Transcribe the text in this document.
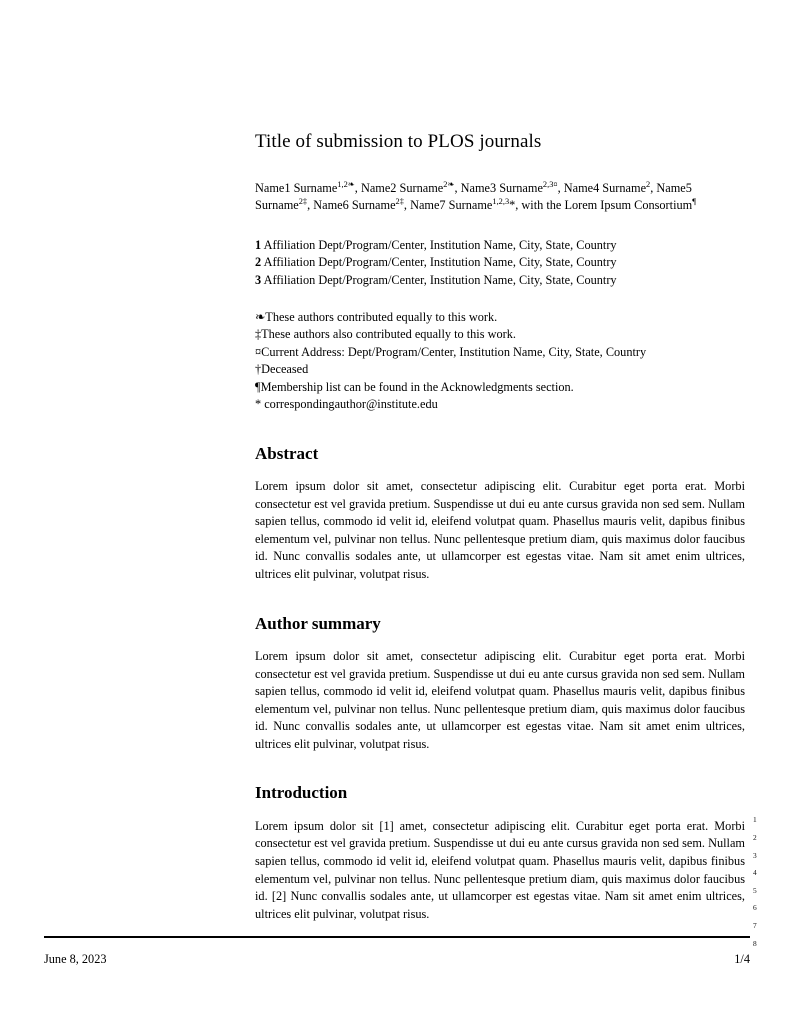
Title of submission to PLOS journals
Name1 Surname$^{1,2❧}$, Name2 Surname$^{2❧}$, Name3 Surname$^{2,3¤}$, Name4 Surname$^2$, Name5 Surname$^{2\ddagger}$, Name6 Surname$^{2\ddagger}$, Name7 Surname$^{1,2,3}$*, with the Lorem Ipsum Consortium¶
1 Affiliation Dept/Program/Center, Institution Name, City, State, Country
2 Affiliation Dept/Program/Center, Institution Name, City, State, Country
3 Affiliation Dept/Program/Center, Institution Name, City, State, Country
❧These authors contributed equally to this work.
‡These authors also contributed equally to this work.
¤Current Address: Dept/Program/Center, Institution Name, City, State, Country
†Deceased
¶Membership list can be found in the Acknowledgments section.
* correspondingauthor@institute.edu
Abstract

Lorem ipsum dolor sit amet, consectetur adipiscing elit. Curabitur eget porta erat. Morbi consectetur est vel gravida pretium. Suspendisse ut dui eu ante cursus gravida non sed sem. Nullam sapien tellus, commodo id velit id, eleifend volutpat quam. Phasellus mauris velit, dapibus finibus elementum vel, pulvinar non tellus. Nunc pellentesque pretium diam, quis maximus dolor faucibus id. Nunc convallis sodales ante, ut ullamcorper est egestas vitae. Nam sit amet enim ultrices, ultrices elit pulvinar, volutpat risus.

Author summary

Lorem ipsum dolor sit amet, consectetur adipiscing elit. Curabitur eget porta erat. Morbi consectetur est vel gravida pretium. Suspendisse ut dui eu ante cursus gravida non sed sem. Nullam sapien tellus, commodo id velit id, eleifend volutpat quam. Phasellus mauris velit, dapibus finibus elementum vel, pulvinar non tellus. Nunc pellentesque pretium diam, quis maximus dolor faucibus id. Nunc convallis sodales ante, ut ullamcorper est egestas vitae. Nam sit amet enim ultrices, ultrices elit pulvinar, volutpat risus.

Introduction

Lorem ipsum dolor sit [1] amet, consectetur adipiscing elit. Curabitur eget porta erat. Morbi consectetur est vel gravida pretium. Suspendisse ut dui eu ante cursus gravida non sed sem. Nullam sapien tellus, commodo id velit id, eleifend volutpat quam. Phasellus mauris velit, dapibus finibus elementum vel, pulvinar non tellus. Nunc pellentesque pretium diam, quis maximus dolor faucibus id. [2] Nunc convallis sodales ante, ut ullamcorper est egestas vitae. Nam sit amet enim ultrices, ultrices elit pulvinar, volutpat risus.

1
2
3
4
5
6
7
8
June 8, 2023	1/4
